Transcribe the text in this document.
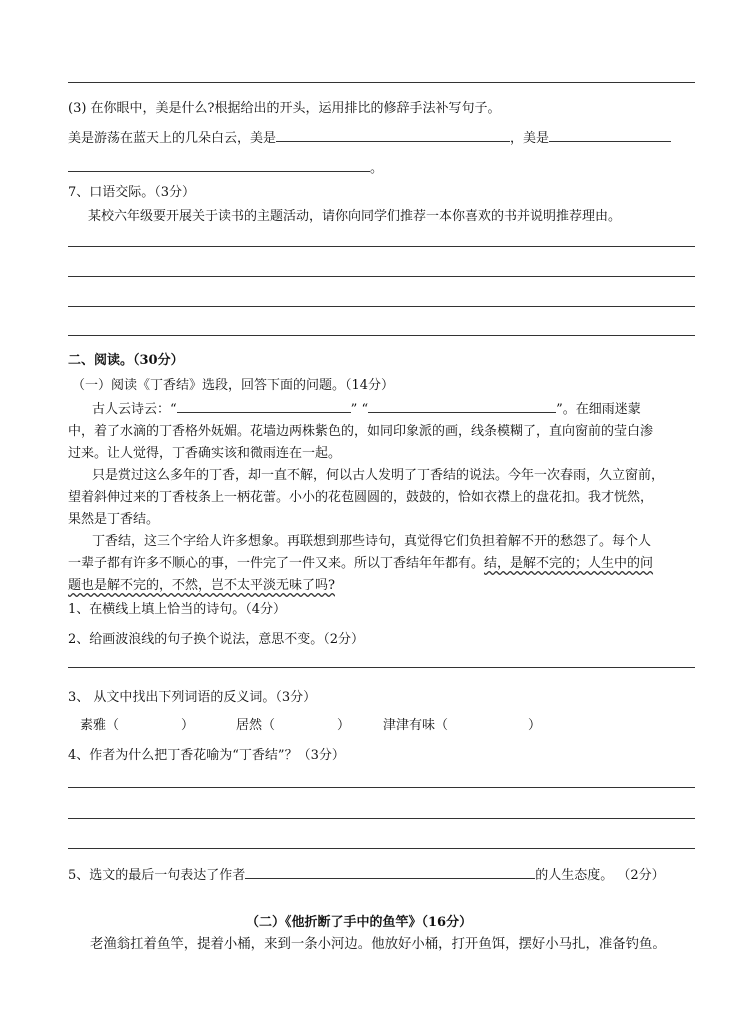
(3) 在你眼中，美是什么?根据给出的开头，运用排比的修辞手法补写句子。
美是游荡在蓝天上的几朵白云，美是	，美是
。
7、口语交际。（3分）
某校六年级要开展关于读书的主题活动，请你向同学们推荐一本你喜欢的书并说明推荐理由。
二、阅读。（30分）
（一）阅读《丁香结》选段，回答下面的问题。（14分）
古人云诗云：“	” “	”。在细雨迷蒙
中，着了水滴的丁香格外妩媚。花墙边两株紫色的，如同印象派的画，线条模糊了，直向窗前的莹白渗
过来。让人觉得，丁香确实该和微雨连在一起。
只是赏过这么多年的丁香，却一直不解，何以古人发明了丁香结的说法。今年一次春雨，久立窗前，
望着斜伸过来的丁香枝条上一柄花蕾。小小的花苞圆圆的，鼓鼓的，恰如衣襟上的盘花扣。我才恍然，
果然是丁香结。
丁香结，这三个字给人许多想象。再联想到那些诗句，真觉得它们负担着解不开的愁怨了。每个人
一辈子都有许多不顺心的事，一件完了一件又来。所以丁香结年年都有。结，是解不完的；人生中的问
题也是解不完的，不然，岂不太平淡无味了吗?
1、在横线上填上恰当的诗句。（4分）
2、给画波浪线的句子换个说法，意思不变。（2分）
3、 从文中找出下列词语的反义词。（3分）
素雅（	）	居然（	）	津津有味（	）
4、作者为什么把丁香花喻为“丁香结”？（3分）
5、选文的最后一句表达了作者	的人生态度。 （2分）
（二）《他折断了手中的鱼竿》（16分）
老渔翁扛着鱼竿，提着小桶，来到一条小河边。他放好小桶，打开鱼饵，摆好小马扎，准备钓鱼。
